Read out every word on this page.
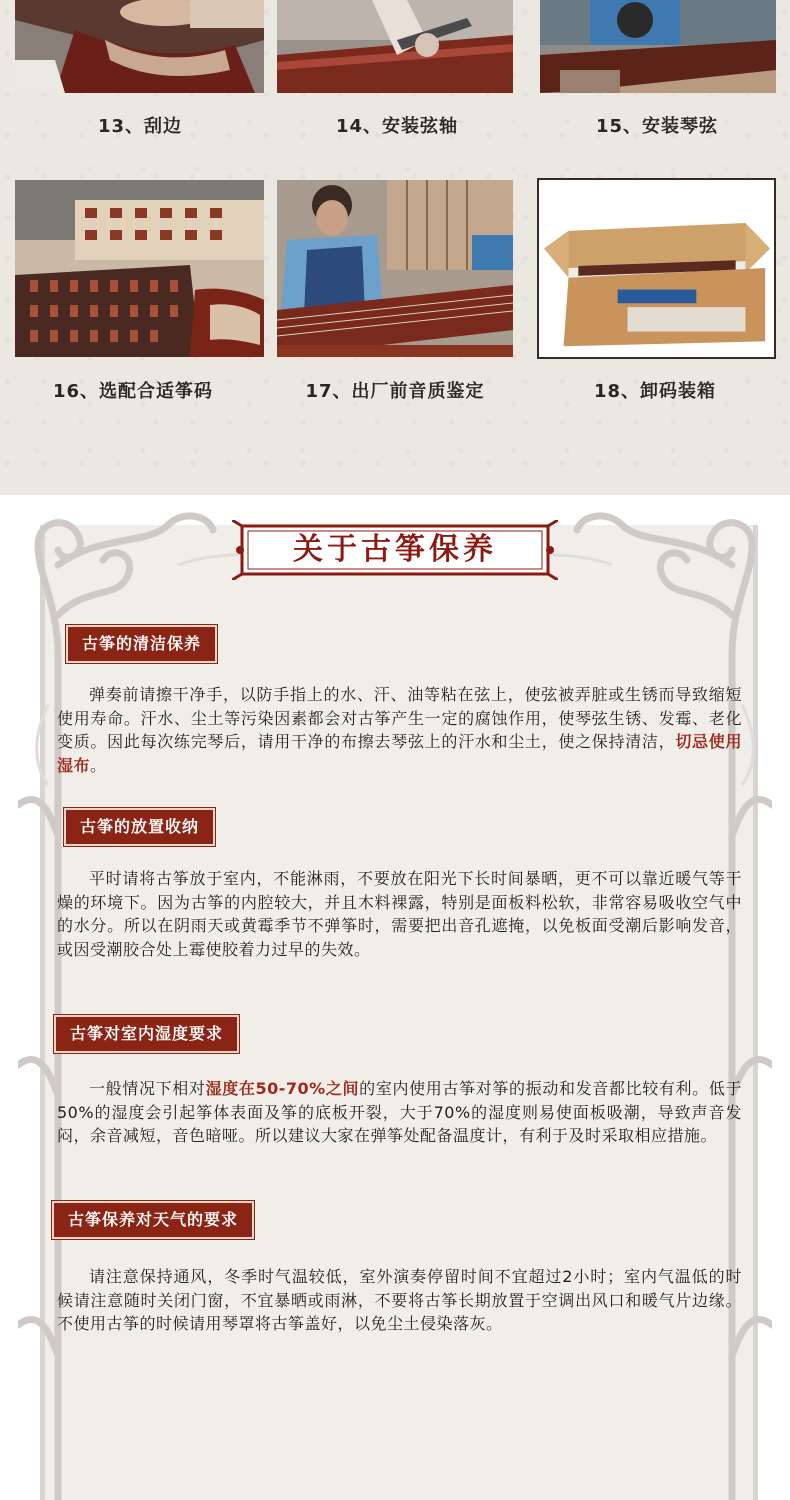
13、刮边	14、安装弦轴	15、安装琴弦
16、选配合适筝码	17、出厂前音质鉴定	18、卸码装箱
关于古筝保养
古筝的清洁保养
弹奏前请擦干净手，以防手指上的水、汗、油等粘在弦上，使弦被弄脏或生锈而导致缩短使用寿命。汗水、尘土等污染因素都会对古筝产生一定的腐蚀作用，使琴弦生锈、发霉、老化变质。因此每次练完琴后，请用干净的布擦去琴弦上的汗水和尘土，使之保持清洁，切忌使用湿布。
古筝的放置收纳
平时请将古筝放于室内，不能淋雨，不要放在阳光下长时间暴晒，更不可以靠近暖气等干燥的环境下。因为古筝的内腔较大，并且木料裸露，特别是面板料松软，非常容易吸收空气中的水分。所以在阴雨天或黄霉季节不弹筝时，需要把出音孔遮掩，以免板面受潮后影响发音，或因受潮胶合处上霉使胶着力过早的失效。
古筝对室内湿度要求
一般情况下相对湿度在50-70%之间的室内使用古筝对筝的振动和发音都比较有利。低于50%的湿度会引起筝体表面及筝的底板开裂，大于70%的湿度则易使面板吸潮，导致声音发闷，余音减短，音色暗哑。所以建议大家在弹筝处配备温度计，有利于及时采取相应措施。
古筝保养对天气的要求
请注意保持通风，冬季时气温较低，室外演奏停留时间不宜超过2小时；室内气温低的时候请注意随时关闭门窗，不宜暴晒或雨淋，不要将古筝长期放置于空调出风口和暖气片边缘。不使用古筝的时候请用琴罩将古筝盖好，以免尘土侵染落灰。
